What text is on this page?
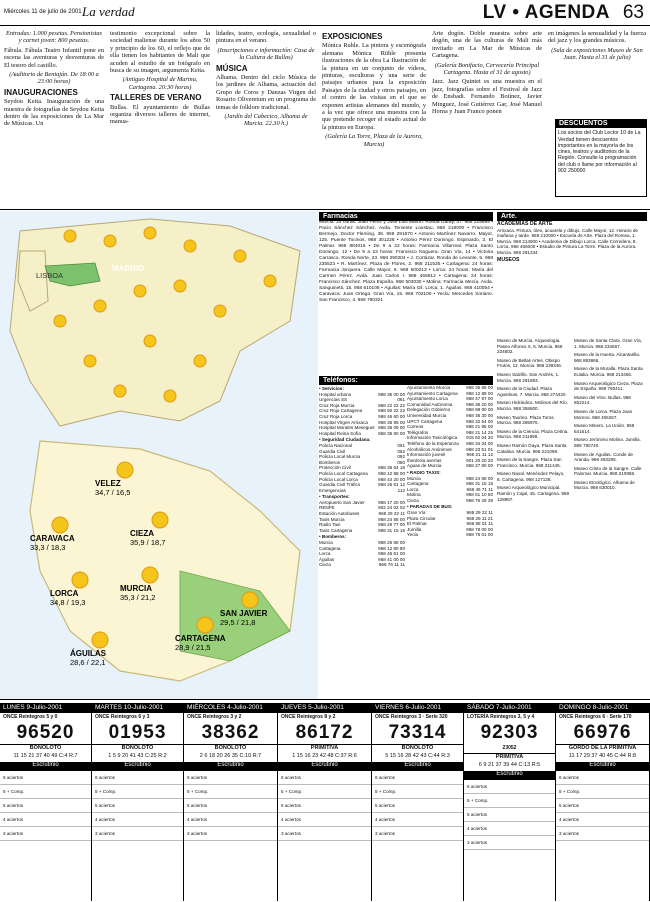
Miércoles 11 de julio de 2001 La verdad	LV • AGENDA 63

Entradas: 1.000 pesetas. Pensionistas y carnet joven: 800 pesetas.

Fábula. Fábula Teatro Infantil pone en escena las aventuras y desventuras de El tesoro del castillo.

(Auditorio de Beniaján. De 18:00 a 23:00 horas)

INAUGURACIONES

Seydou Keita. Inauguración de una muestra de fotografías de Seydou Keita dentro de las exposiciones de La Mar de Músicas. Un

testimonio excepcional sobre la sociedad maliense durante los años 50 y principio de los 60, el reflejo que de ella tienen los habitantes de Mali que acuden al estudio de un fotógrafo en busca de su imagen, argumenta Keita.

(Antiguo Hospital de Marina, Cartagena. 20:30 horas)

TALLERES DE VERANO

Bullas. El ayuntamiento de Bullas organiza diversos talleres de internet, manua-

lidades, teatro, ecología, sexualidad o pintura en el verano.

(Inscripciones e información: Casa de la Cultura de Bullas)

MÚSICA

Alhama. Dentro del ciclo Música de los jardines de Alhama, actuación del Grupo de Coros y Danzas Virgen del Rosario Oliveretum en un programa de temas de folklore tradicional.

(Jardín del Cabecico, Alhama de Murcia. 22.30 h.)

EXPOSICIONES

Mónica Ruhle. La pintora y escenógrafa alemana Mónica Rühle presenta ilustraciones de la obra La Ilustración de la pintura en un conjunto de vídeos, pinturas, esculturas y una serie de paisajes urbanos para la exposición Paisajes de la ciudad y otros paisajes, en el centro de las visitas en el que se exponen artistas alemanes del mundo, y a la vez que ofrece una muestra con la que pretende recoger el estado actual de la pintura en Europa.

(Galería La Torre, Plaza de la Aurora, Murcia)

Arte dogón. Doble muestra sobre arte dogón, una de las culturas de Mali más invitado en La Mar de Músicas de Cartagena.

(Galería Bonifacio, Cervecería Principal Cartagena. Hasta el 31 de agosto)

Jazz. Jazz Quintet es una muestra en el jazz, fotografías sobre el Festival de Jazz de Ensbadi. Fernando Botínez, Javier Minguez, José Gutiérrez Gar, José Manuel Horna y Juan Franco ponen

en imágenes la sensualidad y la fuerza del jazz y los grandes músicos.

(Sala de exposiciones Museo de San Juan. Hasta el 31 de julio)

DESCUENTOS
Los socios del Club Lector 10 de La Verdad tienen descuentos importantes en la mayoría de los cines, teatros y auditorios de la Región. Consulte la programación del club o llame por información al 902 250000
MADRID
LISBOA
VELEZ
34,7 / 16,5
CARAVACA
33,3 / 18,3
CIEZA
35,9 / 18,7
MURCIA
35,3 / 21,2
LORCA
34,8 / 19,3
SAN JAVIER
29,5 / 21,8
CARTAGENA
28,9 / 21,5
ÁGUILAS
28,6 / 22,1
Farmacias
Murcia: 24 horas: Juan Pérez y José Luis Martín. Ronda Garay, 37. 968 218899 • Pacio Sánchez Sánchez. Avda. Teniente Loustau, 968 218000 • Francisco Bermejo. Doctor Fleming, 38. 968 291670 • Antonio Martínez Navarro. Mayor, 125. Puente Tocinos, 968 301226 • Antonio Pérez Domingo. Espinardo, 3. El Palmar. 968 884016 • De 9 a 22 horas: Farmacia Villarreal. Plaza Santo Domingo, 12 • De 9 a 23 horas: Francisco Noguera. Gran Vía, 14 • Victoria Carrasco. Ronda Norte, 23. 968 290204 • J. Cortázar. Ronda de Levante, 5. 968 235523 • R. Martínez. Plaza de Flores, 2. 968 211535 • Cartagena: 24 horas: Farmacia Jorquera. Calle Mayor, 8. 968 500213 • Lorca: 24 horas: María del Carmen Pérez. Avda. Juan Carlos I. 968 466812 • Cartagena: 24 horas: Francisco Sánchez. Plaza España. 968 503030 • Molina: Farmacia Mecía. Avda. Sanguinetti, 15. 968 610108 • Águilas: María Gil. Lorca, 1. Águilas. 968 410054 • Caravaca: Juan Ortega. Gran Vía, 15. 968 702100 • Yecla: Mercedes Soriano. San Francisco, 4. 968 790321
Teléfonos:
• Servicios:
Hospital urbano	968 35 00 00
Urgencias SS	061
Cruz Roja Murcia	968 22 22 22
Cruz Roja Cartagena	968 50 22 22
Cruz Roja Lorca	968 46 60 00
Hospital Virgen Arrixaca 968 36 95 00
Hospital Morales Meseguer 968 36 09 00
Hospital Reina Sofía	968 35 90 00
• Seguridad Ciudadana:
Policía Nacional	091
Guardia Civil	062
Policía Local Murcia	092
Bomberos	080
Protección Civil	968 36 64 16
Policía Local Cartagena 968 12 88 00
Policía Local Lorca	968 44 20 00
Guardia Civil Tráfico	968 25 61 12
Emergencias	112
• Transportes:
Aeropuerto San Javier	968 17 20 00
RENFE	902 24 02 02
Estación Autobuses	968 29 22 11
Taxis Murcia	968 24 88 00
Radio Taxi	968 29 77 00
Taxis Cartagena	968 31 15 15
• Bomberos:
Murcia	968 25 88 00
Cartagena	968 12 80 80
Lorca	968 46 61 00
Águilas	968 41 00 00
Cieza	968 76 11 11
Ayuntamiento Murcia	968 35 86 00
Ayuntamiento Cartagena 968 12 88 00
Ayuntamiento Lorca	968 47 97 00
Comunidad Autónoma	968 36 20 00
Delegación Gobierno	968 98 90 00
Universidad Murcia	968 36 30 00
UPCT Cartagena	968 32 54 00
Correos	968 21 95 00
Telégrafos	968 21 14 25
Información Toxicológica 915 62 04 20
Teléfono de la Esperanza 968 34 34 00
Alcohólicos Anónimos	968 23 51 01
Información juvenil	968 21 11 12
Iberdrola averías	901 20 20 20
Aguas de Murcia	968 27 80 00
• RADIO TAXIS:
Murcia	968 24 88 00
Cartagena	968 31 15 15
Lorca	968 46 71 11
Molina	968 61 10 50
Cieza	968 76 28 39
• PARADAS DE BUS:
Gran Vía	968 29 22 11
Plaza Circular	968 29 11 21
El Palmar	968 88 01 11
Jumilla	968 78 00 00
Yecla	968 75 01 00
Arte.
ACADEMIAS DE ARTE
Arrixaca. Pintura, óleo, acuarela y dibujo. Calle Mayor, 12. Horario de mañana y tarde. 968 210000 • Escuela de Arte. Plaza del Romea, 1. Murcia. 968 214500 • Academia de Dibujo Lorca. Calle Corredera, 8. Lorca. 968 466000 • Estudio de Pintura La Torre. Plaza de la Aurora. Murcia. 968 291234
MUSEOS
Museo de Murcia. Arqueología. Paseo Alfonso X, 5. Murcia. 968 234602.
Museo de Bellas Artes. Obispo Frutos, 12. Murcia. 968 239346.
Museo Salzillo. San Andrés, 1. Murcia. 968 291893.
Museo de la Ciudad. Plaza Agustinas, 7. Murcia. 968 274420.
Museo Hidráulico. Molinos del Río. Murcia. 968 358600.
Museo Taurino. Plaza Toros. Murcia. 968 285976.
Museo de la Ciencia. Plaza Cetina. Murcia. 968 211998.
Museo Ramón Gaya. Plaza Santa Catalina. Murcia. 968 221099.
Museo de la Sangre. Plaza San Francisco. Murcia. 968 211445.
Museo Naval. Menéndez Pelayo, 8. Cartagena. 968 127138.
Museo Arqueológico Municipal. Ramón y Cajal, 45. Cartagena. 968 128967.
Museo de Santa Clara. Gran Vía, 1. Murcia. 968 234567.
Museo de la Huerta. Alcantarilla. 968 893866.
Museo de la Muralla. Plaza Santa Eulalia. Murcia. 968 213456.
Museo Arqueológico Cieza. Plaza de España. 968 760411.
Museo del Vino. Bullas. 968 652214.
Museo de Lorca. Plaza Juan Moreno. 968 406267.
Museo Minero. La Unión. 968 541614.
Museo Jerónimo Molina. Jumilla. 968 780740.
Museo de Águilas. Conde de Aranda. 968 493285.
Museo Cristo de la Sangre. Calle Palomar. Murcia. 968 210988.
Museo Etnológico. Alhama de Murcia. 968 630010.
LUNES 9-Julio-2001
ONCE Reintegros 5 y 0
96520
BONOLOTO
11 15 21 37 40 49 C:4 R:7
Escrutinio
6 aciertos
5 + Comp.
5 aciertos
4 aciertos
3 aciertos
MARTES 10-Julio-2001
ONCE Reintegros 6 y 3
01953
BONOLOTO
1 5 9 20 41 43 C:25 R:2
Escrutinio
6 aciertos
5 + Comp.
5 aciertos
4 aciertos
3 aciertos
MIÉRCOLES 4-Julio-2001
ONCE Reintegros 3 y 2
38362
BONOLOTO
2 6 18 20 26 35 C:10 R:7
Escrutinio
6 aciertos
5 + Comp.
5 aciertos
4 aciertos
3 aciertos
JUEVES 5-Julio-2001
ONCE Reintegros 8 y 2
86172
PRIMITIVA
1 15 16 23 42 48 C:37 R:6
Escrutinio
6 aciertos
5 + Comp.
5 aciertos
4 aciertos
3 aciertos
VIERNES 6-Julio-2001
ONCE Reintegros 3 · Serie 320
73314
BONOLOTO
5 15 16 28 42 43 C:44 R:3
Escrutinio
6 aciertos
5 + Comp.
5 aciertos
4 aciertos
3 aciertos
SÁBADO 7-Julio-2001
LOTERÍA Reintegros 3, 5 y 4
92303
23052
PRIMITIVA
6 9 21 37 39 44 C:13 R:5
Escrutinio
6 aciertos
5 + Comp.
5 aciertos
4 aciertos
3 aciertos
DOMINGO 8-Julio-2001
ONCE Reintegros 6 · Serie 170
66976
GORDO DE LA PRIMITIVA
11 17 29 37 40 45 C:44 R:8
Escrutinio
6 aciertos
5 + Comp.
5 aciertos
4 aciertos
3 aciertos
